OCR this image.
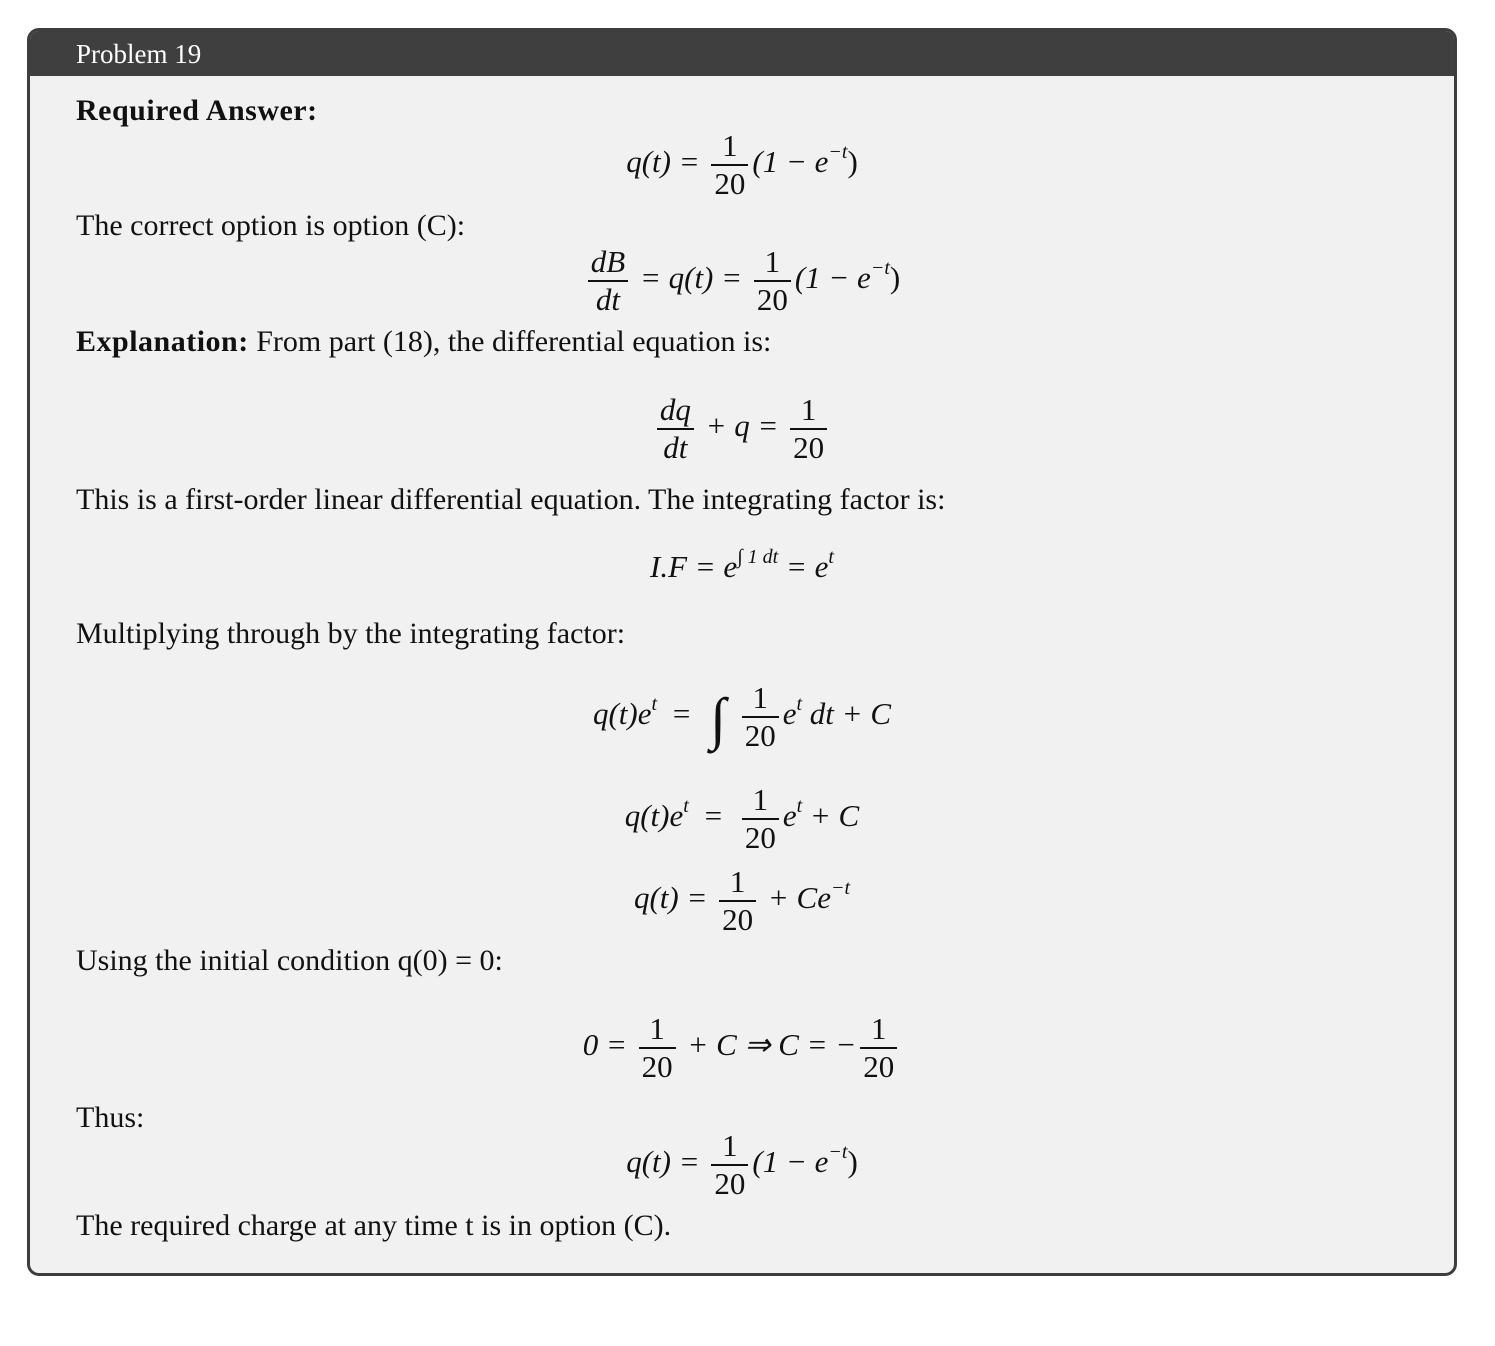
Problem 19
Required Answer:
$q(t) = \frac{1}{20} (1 - e^{-t})$
The correct option is option (C):
$\frac{dB}{dt} = q(t) = \frac{1}{20} (1 - e^{-t})$
Explanation: From part (18), the differential equation is:
$\frac{dq}{dt} + q = \frac{1}{20}$
This is a first-order linear differential equation. The integrating factor is:
$I.F = e^{\int 1 dt} = e^t$
Multiplying through by the integrating factor:
$q(t)e^t$ = ∫ $\frac{1}{20} e^t$ dt + C
$q(t)e^t = \frac{1}{20} e^t + C$
$q(t) = \frac{1}{20} + Ce^{-t}$
Using the initial condition q(0) = 0:
$0 = \frac{1}{20} + C$ ⇒ C = − $\frac{1}{20}$
Thus:
$q(t) = \frac{1}{20} (1 - e^{-t})$
The required charge at any time t is in option (C).
